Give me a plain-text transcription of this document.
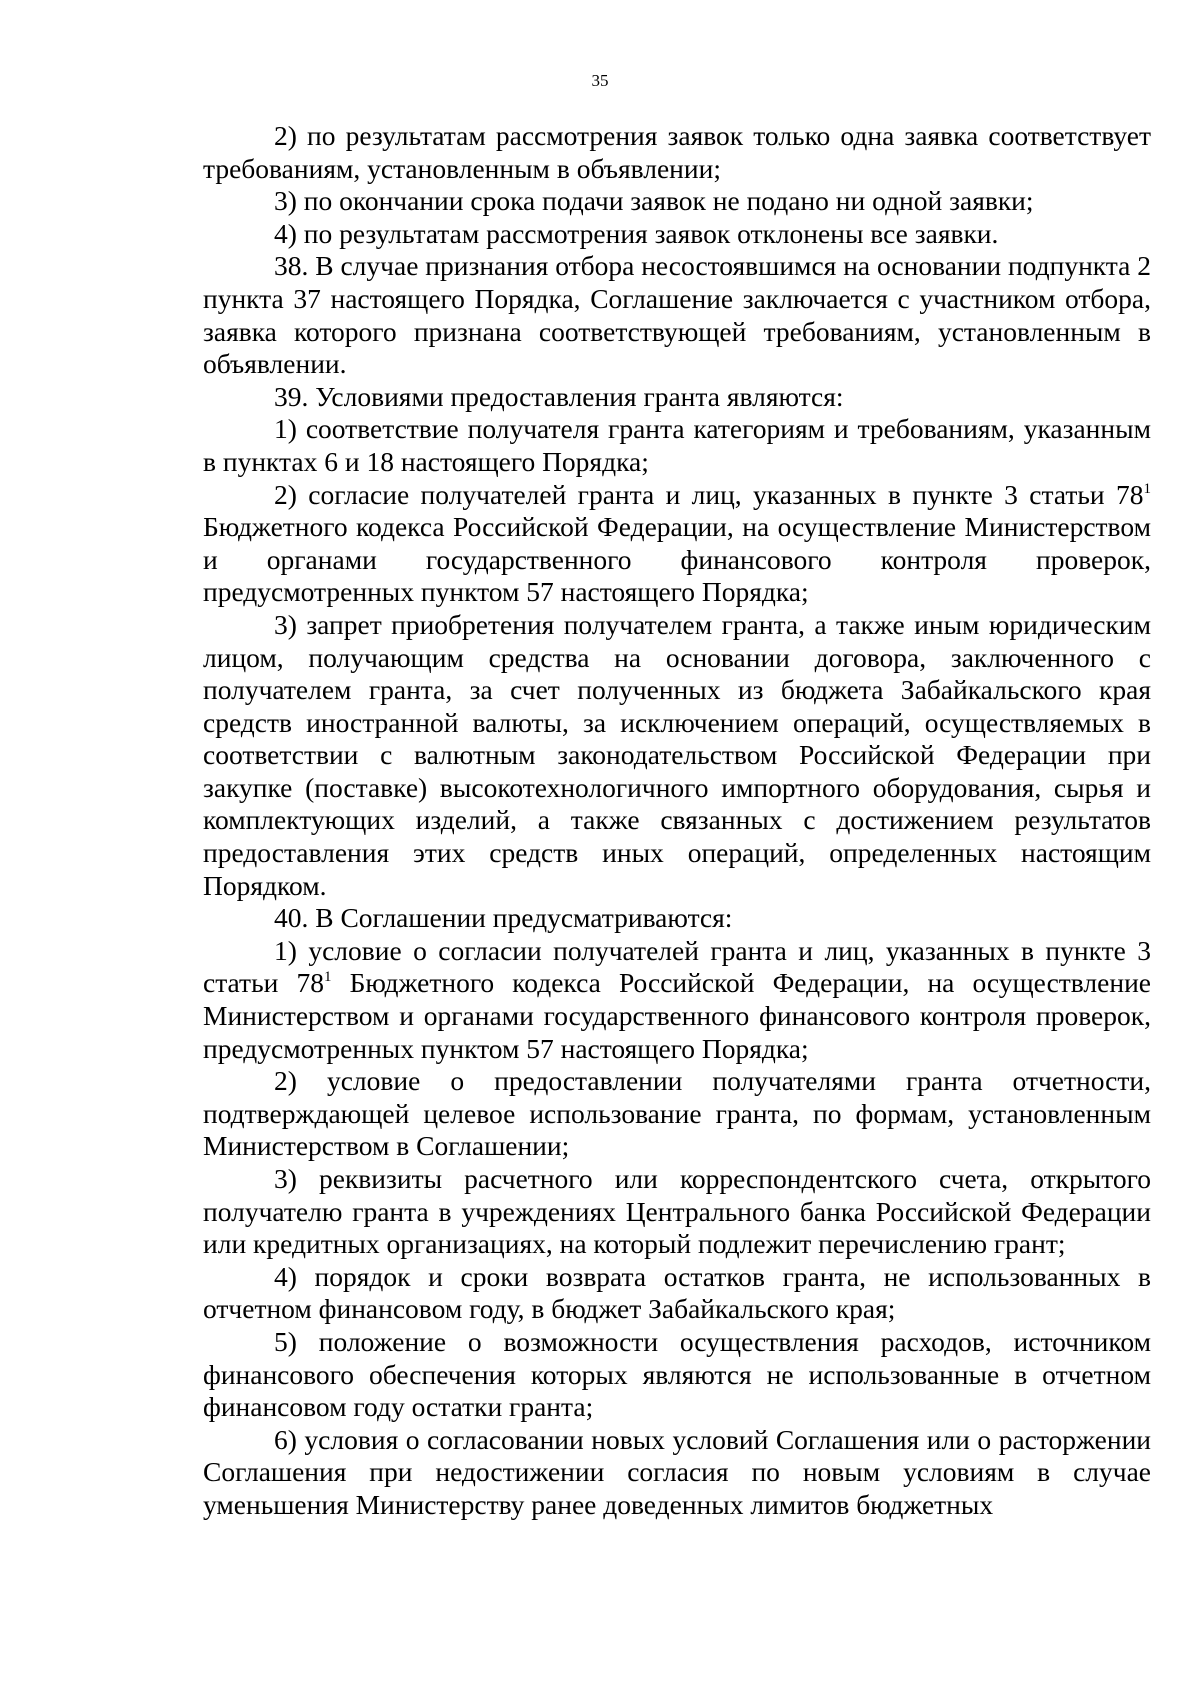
35

2) по результатам рассмотрения заявок только одна заявка соответствует требованиям, установленным в объявлении;

3) по окончании срока подачи заявок не подано ни одной заявки;

4) по результатам рассмотрения заявок отклонены все заявки.

38. В случае признания отбора несостоявшимся на основании подпункта 2 пункта 37 настоящего Порядка, Соглашение заключается с участником отбора, заявка которого признана соответствующей требованиям, установленным в объявлении.

39. Условиями предоставления гранта являются:

1) соответствие получателя гранта категориям и требованиям, указанным в пунктах 6 и 18 настоящего Порядка;

2) согласие получателей гранта и лиц, указанных в пункте 3 статьи $78^1$ Бюджетного кодекса Российской Федерации, на осуществление Министерством и органами государственного финансового контроля проверок, предусмотренных пунктом 57 настоящего Порядка;

3) запрет приобретения получателем гранта, а также иным юридическим лицом, получающим средства на основании договора, заключенного с получателем гранта, за счет полученных из бюджета Забайкальского края средств иностранной валюты, за исключением операций, осуществляемых в соответствии с валютным законодательством Российской Федерации при закупке (поставке) высокотехнологичного импортного оборудования, сырья и комплектующих изделий, а также связанных с достижением результатов предоставления этих средств иных операций, определенных настоящим Порядком.

40. В Соглашении предусматриваются:

1) условие о согласии получателей гранта и лиц, указанных в пункте 3 статьи $78^1$ Бюджетного кодекса Российской Федерации, на осуществление Министерством и органами государственного финансового контроля проверок, предусмотренных пунктом 57 настоящего Порядка;

2) условие о предоставлении получателями гранта отчетности, подтверждающей целевое использование гранта, по формам, установленным Министерством в Соглашении;

3) реквизиты расчетного или корреспондентского счета, открытого получателю гранта в учреждениях Центрального банка Российской Федерации или кредитных организациях, на который подлежит перечислению грант;

4) порядок и сроки возврата остатков гранта, не использованных в отчетном финансовом году, в бюджет Забайкальского края;

5) положение о возможности осуществления расходов, источником финансового обеспечения которых являются не использованные в отчетном финансовом году остатки гранта;

6) условия о согласовании новых условий Соглашения или о расторжении Соглашения при недостижении согласия по новым условиям в случае уменьшения Министерству ранее доведенных лимитов бюджетных
